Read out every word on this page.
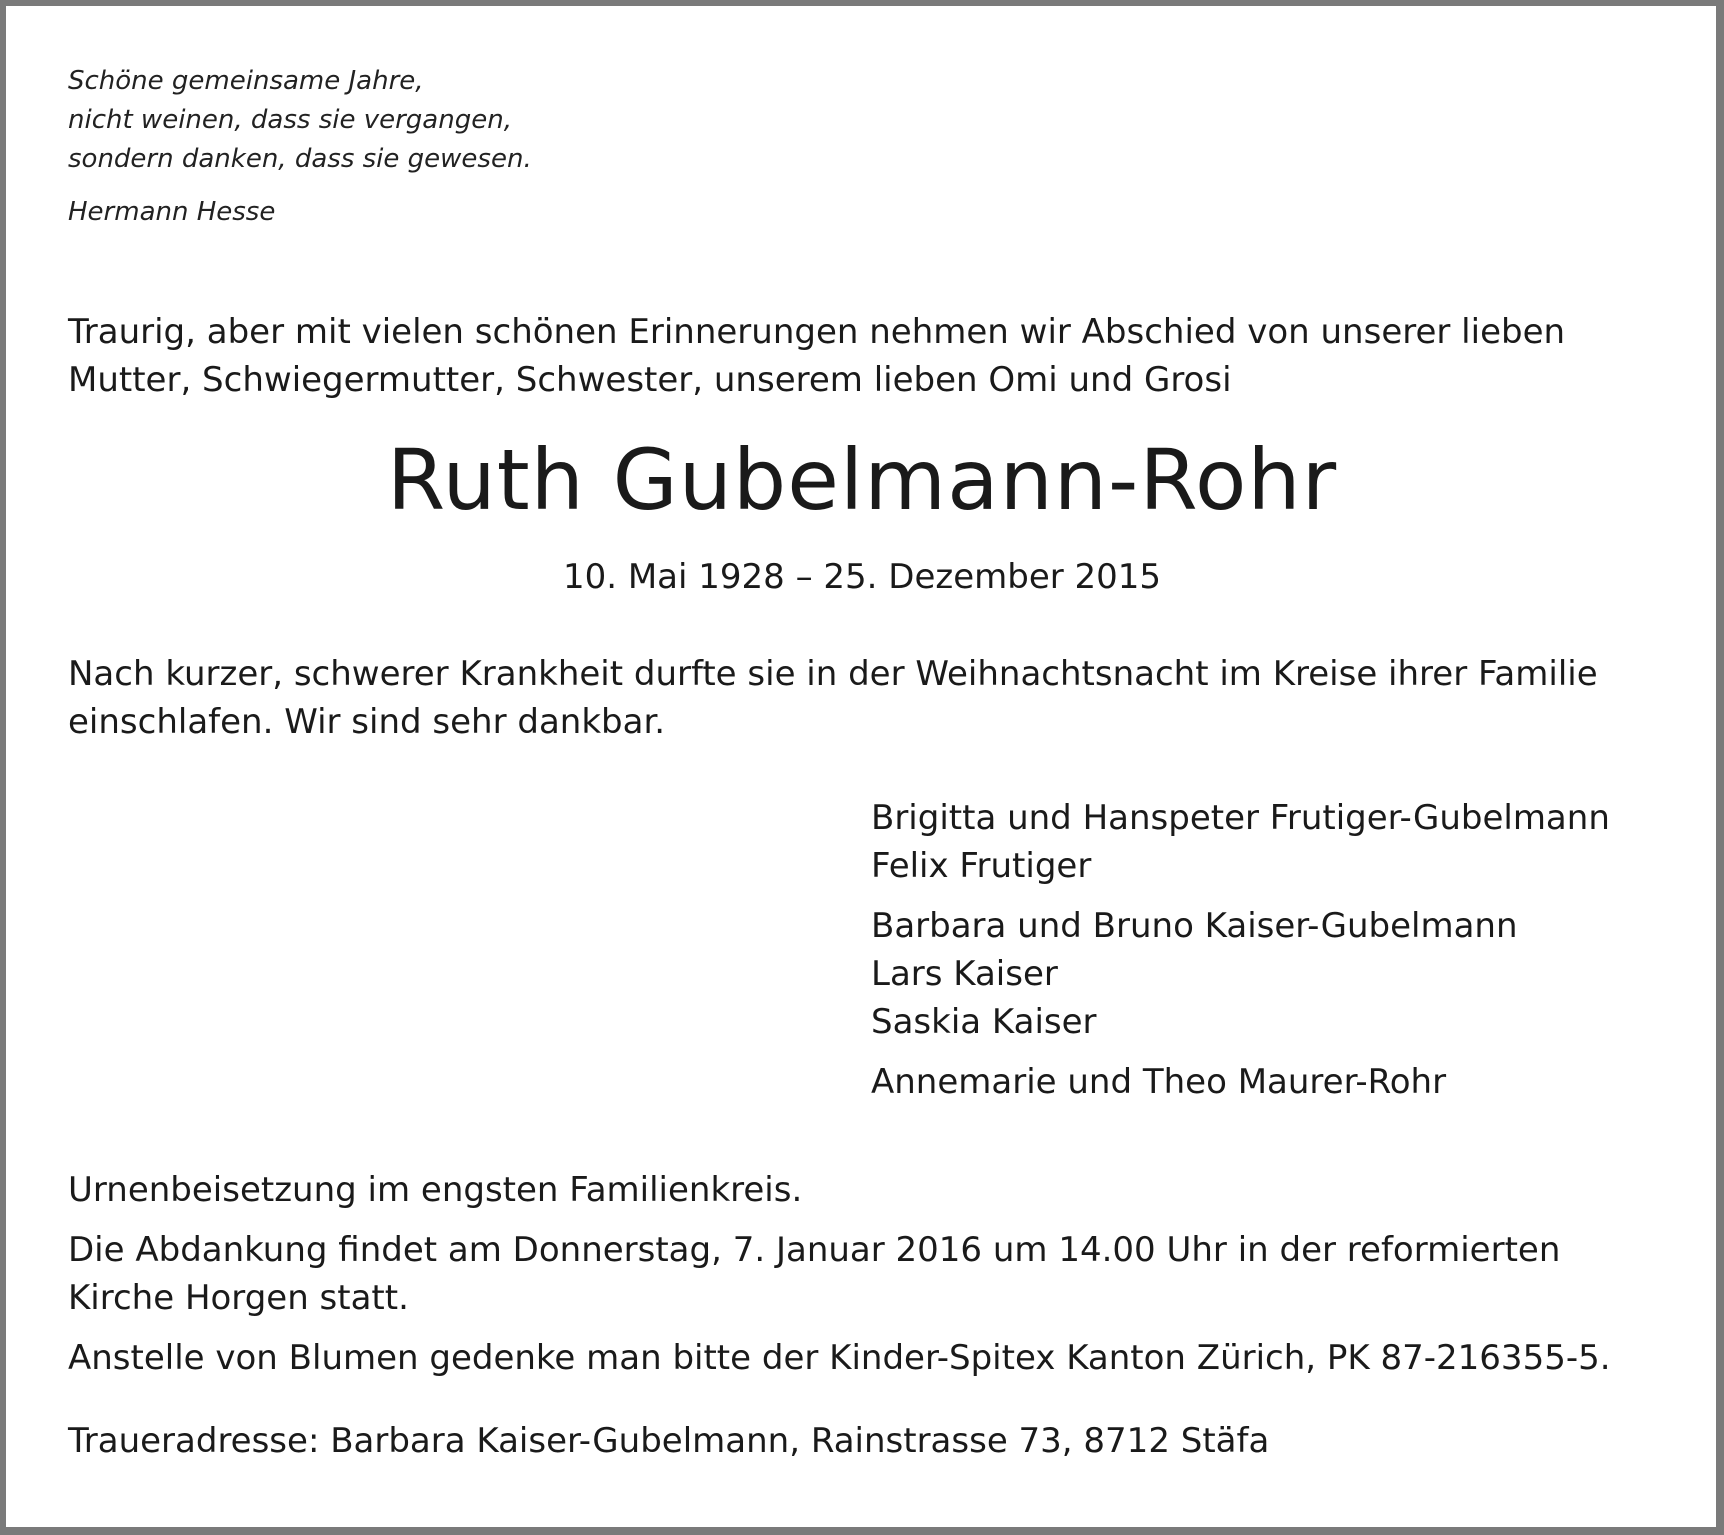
Schöne gemeinsame Jahre,
nicht weinen, dass sie vergangen,
sondern danken, dass sie gewesen.
Hermann Hesse
Traurig, aber mit vielen schönen Erinnerungen nehmen wir Abschied von unserer lieben
Mutter, Schwiegermutter, Schwester, unserem lieben Omi und Grosi
Ruth Gubelmann-Rohr
10. Mai 1928 – 25. Dezember 2015
Nach kurzer, schwerer Krankheit durfte sie in der Weihnachtsnacht im Kreise ihrer Familie
einschlafen. Wir sind sehr dankbar.
Brigitta und Hanspeter Frutiger-Gubelmann
Felix Frutiger
Barbara und Bruno Kaiser-Gubelmann
Lars Kaiser
Saskia Kaiser
Annemarie und Theo Maurer-Rohr
Urnenbeisetzung im engsten Familienkreis.
Die Abdankung findet am Donnerstag, 7. Januar 2016 um 14.00 Uhr in der reformierten
Kirche Horgen statt.
Anstelle von Blumen gedenke man bitte der Kinder-Spitex Kanton Zürich, PK 87-216355-5.
Traueradresse: Barbara Kaiser-Gubelmann, Rainstrasse 73, 8712 Stäfa
